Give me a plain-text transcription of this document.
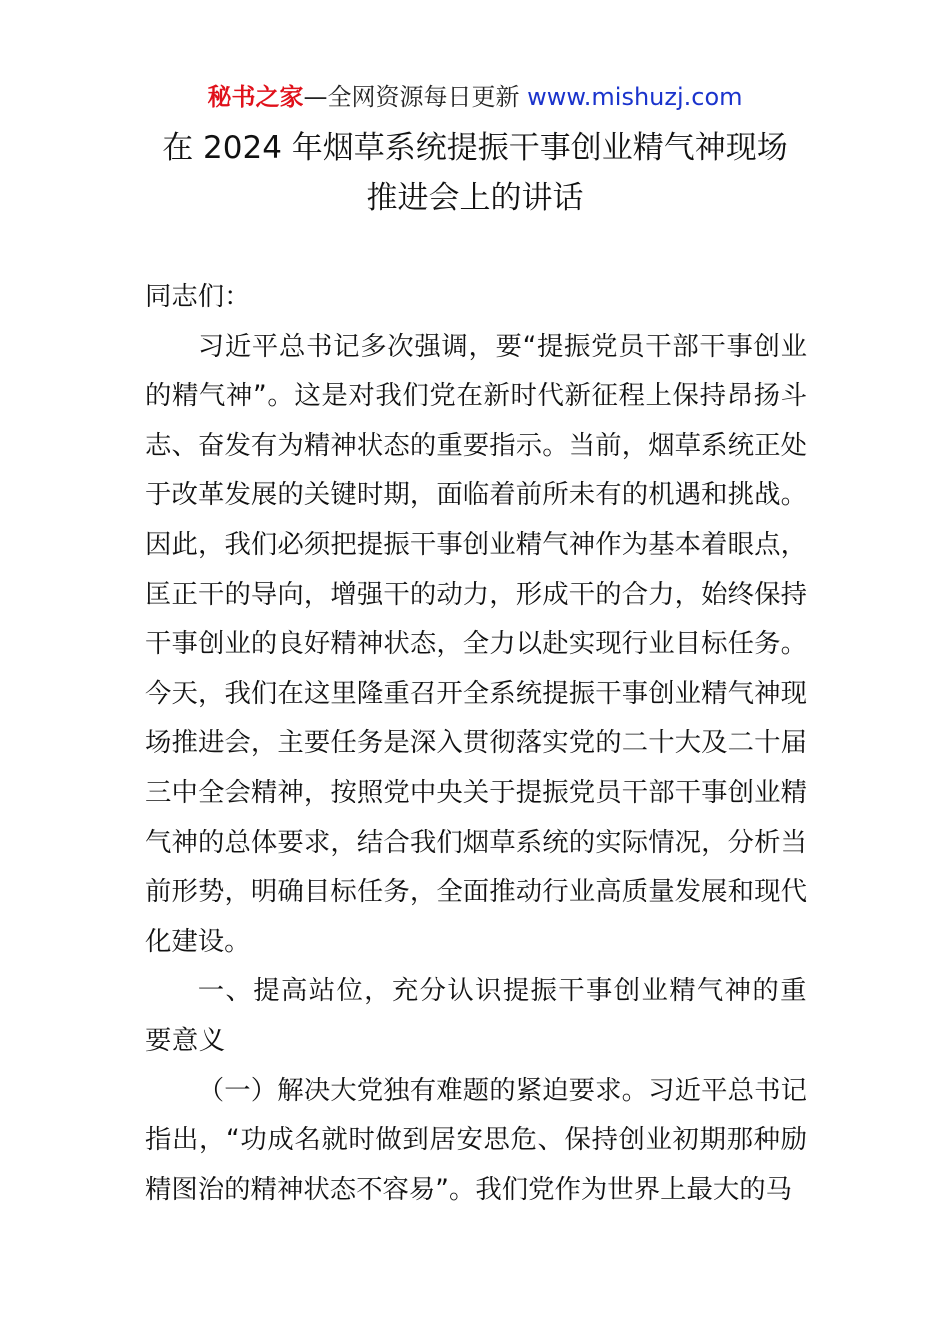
秘书之家—全网资源每日更新 www.mishuzj.com
在 2024 年烟草系统提振干事创业精气神现场
推进会上的讲话

同志们：

习近平总书记多次强调，要“提振党员干部干事创业的精气神”。这是对我们党在新时代新征程上保持昂扬斗志、奋发有为精神状态的重要指示。当前，烟草系统正处于改革发展的关键时期，面临着前所未有的机遇和挑战。因此，我们必须把提振干事创业精气神作为基本着眼点，匡正干的导向，增强干的动力，形成干的合力，始终保持干事创业的良好精神状态，全力以赴实现行业目标任务。今天，我们在这里隆重召开全系统提振干事创业精气神现场推进会，主要任务是深入贯彻落实党的二十大及二十届三中全会精神，按照党中央关于提振党员干部干事创业精气神的总体要求，结合我们烟草系统的实际情况，分析当前形势，明确目标任务，全面推动行业高质量发展和现代化建设。

一、提高站位，充分认识提振干事创业精气神的重要意义

（一）解决大党独有难题的紧迫要求。习近平总书记指出，“功成名就时做到居安思危、保持创业初期那种励精图治的精神状态不容易”。我们党作为世界上最大的马
